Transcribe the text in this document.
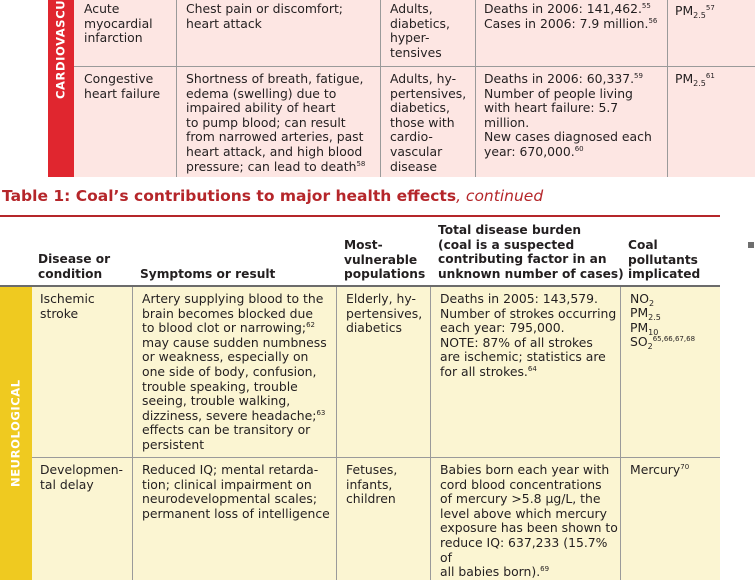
CARDIOVASCU	Acute
myocardial
infarction
Chest pain or discomfort;
heart attack
Adults,
diabetics,
hyper-
tensives
Deaths in 2006: 141,462.55
Cases in 2006: 7.9 million.$^{56}$
$PM_{2.5}^{57}$
Congestive
heart failure
Shortness of breath, fatigue,
edema (swelling) due to
impaired ability of heart
to pump blood; can result
from narrowed arteries, past
heart attack, and high blood
pressure; can lead to death$^{58}$
Adults, hy-
pertensives,
diabetics,
those with
cardio-
vascular
disease
Deaths in 2006: 60,337.59
Number of people living
with heart failure: 5.7 million.
New cases diagnosed each
year: 670,000.60
$PM_{2.5}^{61}$
Table 1: Coal’s contributions to major health effects, continued
Disease or
condition	Symptoms or result
Most-
vulnerable
populations
Total disease burden
(coal is a suspected
contributing factor in an
unknown number of cases)
Coal
pollutants
implicated
NEUROLOGICAL
Ischemic
stroke
Artery supplying blood to the
brain becomes blocked due
to blood clot or narrowing;$^{62}$
may cause sudden numbness
or weakness, especially on
one side of body, confusion,
trouble speaking, trouble
seeing, trouble walking,
dizziness, severe headache;$^{63}$
effects can be transitory or
persistent
Elderly, hy-
pertensives,
diabetics
Deaths in 2005: 143,579.
Number of strokes occurring
each year: 795,000.
NOTE: 87% of all strokes
are ischemic; statistics are
for all strokes.$^{64}$
$NO_2$
$PM_{2.5}$
$PM_{10}$
$SO_2^{65,66,67,68}$
Developmen-
tal delay
Reduced IQ; mental retarda-
tion; clinical impairment on
neurodevelopmental scales;
permanent loss of intelligence
Fetuses,
infants,
children
Babies born each year with
cord blood concentrations
of mercury >5.8 µg/L, the
level above which mercury
exposure has been shown to
reduce IQ: 637,233 (15.7% of
all babies born).$^{69}$
Mercury$^{70}$
